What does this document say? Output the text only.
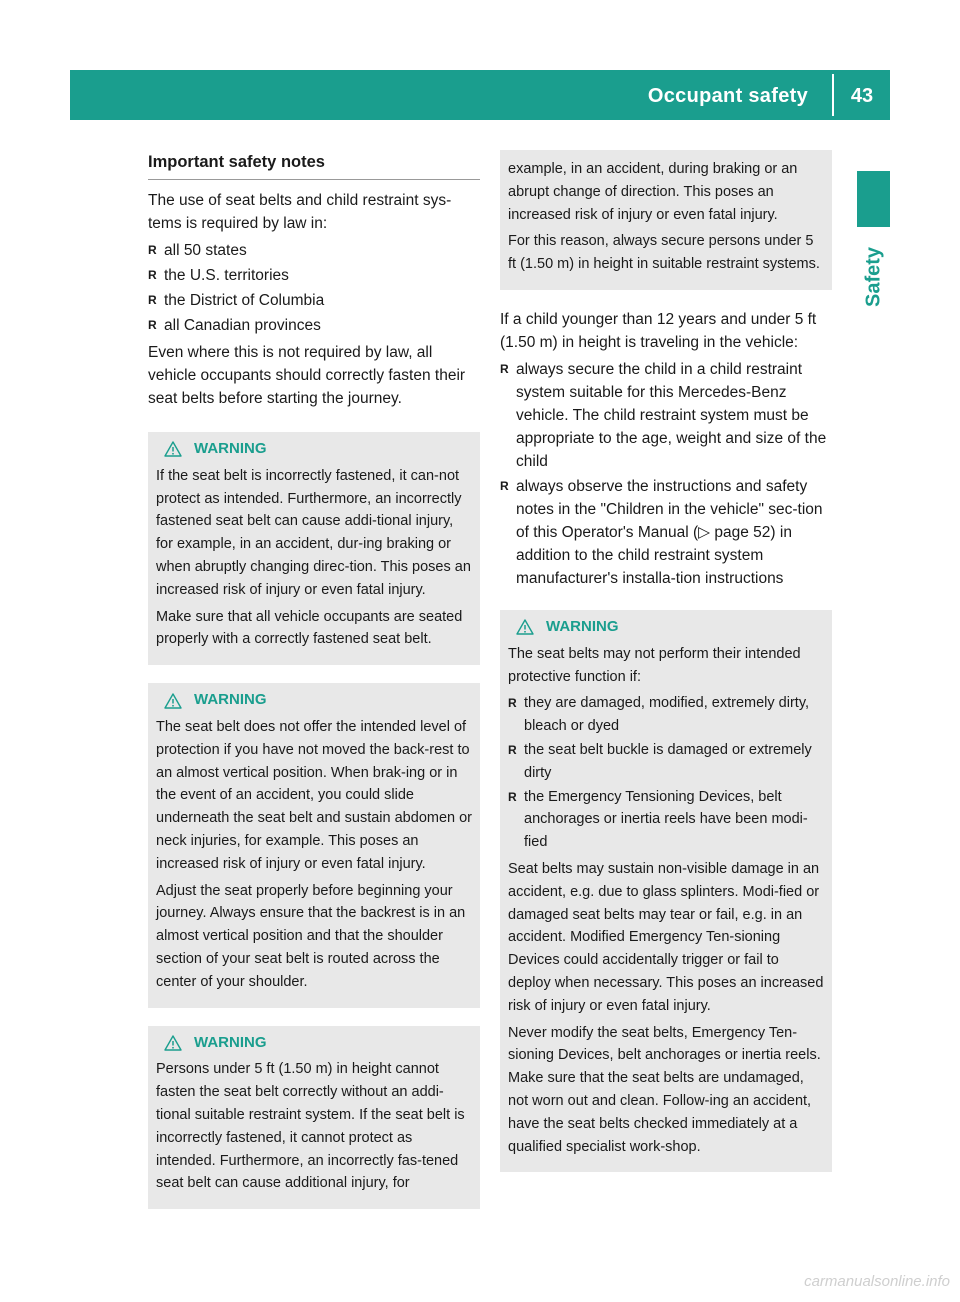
Occupant safety	43
Safety
Important safety notes

The use of seat belts and child restraint sys-tems is required by law in:

R all 50 states
R the U.S. territories
R the District of Columbia
R all Canadian provinces

Even where this is not required by law, all vehicle occupants should correctly fasten their seat belts before starting the journey.

WARNING

If the seat belt is incorrectly fastened, it can-not protect as intended. Furthermore, an incorrectly fastened seat belt can cause addi-tional injury, for example, in an accident, dur-ing braking or when abruptly changing direc-tion. This poses an increased risk of injury or even fatal injury.

Make sure that all vehicle occupants are seated properly with a correctly fastened seat belt.

WARNING

The seat belt does not offer the intended level of protection if you have not moved the back-rest to an almost vertical position. When brak-ing or in the event of an accident, you could slide underneath the seat belt and sustain abdomen or neck injuries, for example. This poses an increased risk of injury or even fatal injury.

Adjust the seat properly before beginning your journey. Always ensure that the backrest is in an almost vertical position and that the shoulder section of your seat belt is routed across the center of your shoulder.

WARNING

Persons under 5 ft (1.50 m) in height cannot fasten the seat belt correctly without an addi-tional suitable restraint system. If the seat belt is incorrectly fastened, it cannot protect as intended. Furthermore, an incorrectly fas-tened seat belt can cause additional injury, for

example, in an accident, during braking or an abrupt change of direction. This poses an increased risk of injury or even fatal injury.

For this reason, always secure persons under 5 ft (1.50 m) in height in suitable restraint systems.

If a child younger than 12 years and under 5 ft (1.50 m) in height is traveling in the vehicle:

R always secure the child in a child restraint system suitable for this Mercedes-Benz vehicle. The child restraint system must be appropriate to the age, weight and size of the child
R always observe the instructions and safety notes in the "Children in the vehicle" sec-tion of this Operator's Manual (▷ page 52) in addition to the child restraint system manufacturer's installa-tion instructions
WARNING

The seat belts may not perform their intended protective function if:

R they are damaged, modified, extremely dirty, bleach or dyed
R the seat belt buckle is damaged or extremely dirty
R the Emergency Tensioning Devices, belt anchorages or inertia reels have been modi-fied

Seat belts may sustain non-visible damage in an accident, e.g. due to glass splinters. Modi-fied or damaged seat belts may tear or fail, e.g. in an accident. Modified Emergency Ten-sioning Devices could accidentally trigger or fail to deploy when necessary. This poses an increased risk of injury or even fatal injury.

Never modify the seat belts, Emergency Ten-sioning Devices, belt anchorages or inertia reels. Make sure that the seat belts are undamaged, not worn out and clean. Follow-ing an accident, have the seat belts checked immediately at a qualified specialist work-shop.

carmanualsonline.info
